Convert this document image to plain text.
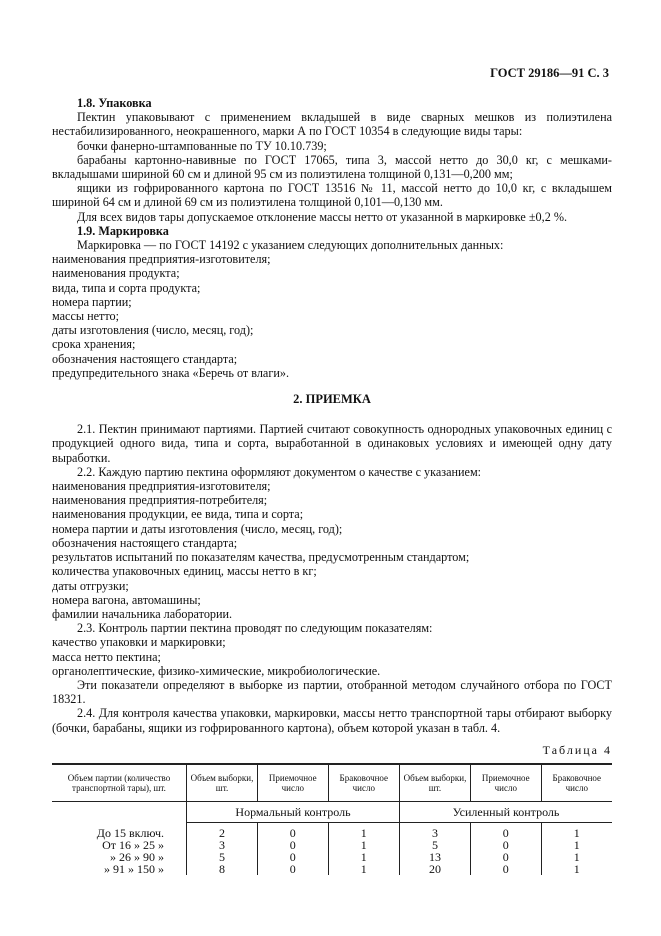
ГОСТ 29186—91 С. 3

1.8. Упаковка

Пектин упаковывают с применением вкладышей в виде сварных мешков из полиэтилена нестабилизированного, неокрашенного, марки А по ГОСТ 10354 в следующие виды тары:

бочки фанерно-штампованные по ТУ 10.10.739;

барабаны картонно-навивные по ГОСТ 17065, типа 3, массой нетто до 30,0 кг, с мешками-вкладышами шириной 60 см и длиной 95 см из полиэтилена толщиной 0,131—0,200 мм;

ящики из гофрированного картона по ГОСТ 13516 № 11, массой нетто до 10,0 кг, с вкладышем шириной 64 см и длиной 69 см из полиэтилена толщиной 0,101—0,130 мм.

Для всех видов тары допускаемое отклонение массы нетто от указанной в маркировке ±0,2 %.

1.9. Маркировка

Маркировка — по ГОСТ 14192 с указанием следующих дополнительных данных:

наименования предприятия-изготовителя;

наименования продукта;

вида, типа и сорта продукта;

номера партии;

массы нетто;

даты изготовления (число, месяц, год);

срока хранения;

обозначения настоящего стандарта;

предупредительного знака «Беречь от влаги».

2. ПРИЕМКА

2.1. Пектин принимают партиями. Партией считают совокупность однородных упаковочных единиц с продукцией одного вида, типа и сорта, выработанной в одинаковых условиях и имеющей одну дату выработки.

2.2. Каждую партию пектина оформляют документом о качестве с указанием:

наименования предприятия-изготовителя;

наименования предприятия-потребителя;

наименования продукции, ее вида, типа и сорта;

номера партии и даты изготовления (число, месяц, год);

обозначения настоящего стандарта;

результатов испытаний по показателям качества, предусмотренным стандартом;

количества упаковочных единиц, массы нетто в кг;

даты отгрузки;

номера вагона, автомашины;

фамилии начальника лаборатории.

2.3. Контроль партии пектина проводят по следующим показателям:

качество упаковки и маркировки;

масса нетто пектина;

органолептические, физико-химические, микробиологические.

Эти показатели определяют в выборке из партии, отобранной методом случайного отбора по ГОСТ 18321.

2.4. Для контроля качества упаковки, маркировки, массы нетто транспортной тары отбирают выборку (бочки, барабаны, ящики из гофрированного картона), объем которой указан в табл. 4.

Таблица 4

Объем партии (количество транспортной тары), шт.	Объем выборки, шт.	Приемочное число	Браковочное число	Объем выборки, шт.	Приемочное число	Браковочное число
	Нормальный контроль			Усиленный контроль		
До 15 включ.	2	0	1	3	0	1
От 16 » 25 »	3	0	1	5	0	1
» 26 » 90 »	5	0	1	13	0	1
» 91 » 150 »	8	0	1	20	0	1
